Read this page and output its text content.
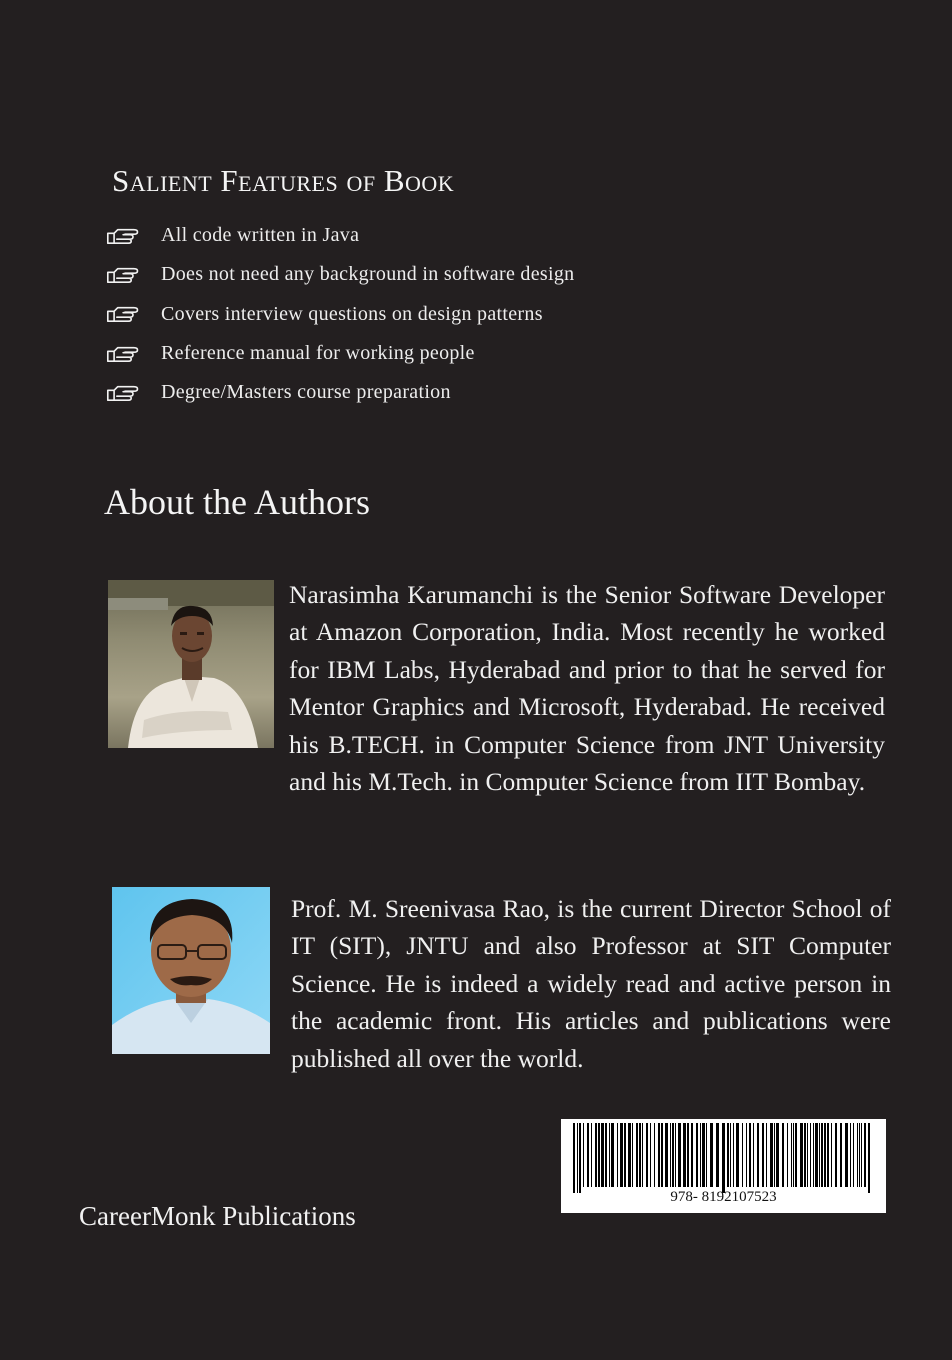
Salient Features of Book
All code written in Java
Does not need any background in software design
Covers interview questions on design patterns
Reference manual for working people
Degree/Masters course preparation
About the Authors

Narasimha Karumanchi is the Senior Software Developer at Amazon Corporation, India. Most recently he worked for IBM Labs, Hyderabad and prior to that he served for Mentor Graphics and Microsoft, Hyderabad. He received his B.TECH. in Computer Science from JNT University and his M.Tech. in Computer Science from IIT Bombay.

Prof. M. Sreenivasa Rao, is the current Director School of IT (SIT), JNTU and also Professor at SIT Computer Science. He is indeed a widely read and active person in the academic front. His articles and publications were published all over the world.

978- 8192107523
CareerMonk Publications
